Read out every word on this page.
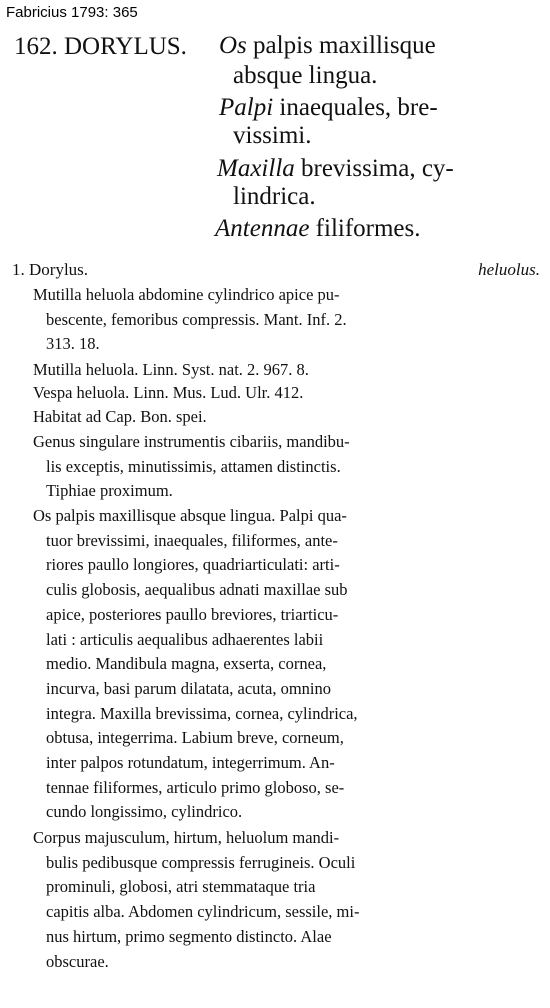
Fabricius 1793: 365
162. DORYLUS. Os palpis maxillisque
absque lingua.
Palpi inaequales, bre-
vissimi.
Maxilla brevissima, cy-
lindrica.
Antennae filiformes.
1. Dorylus.	heluolus.
Mutilla heluola abdomine cylindrico apice pu-
bescente, femoribus compressis. Mant. Inf. 2.
313. 18.
Mutilla heluola. Linn. Syst. nat. 2. 967. 8.
Vespa heluola. Linn. Mus. Lud. Ulr. 412.
Habitat ad Cap. Bon. spei.
Genus singulare instrumentis cibariis, mandibu-
lis exceptis, minutissimis, attamen distinctis.
Tiphiae proximum.
Os palpis maxillisque absque lingua. Palpi qua-
tuor brevissimi, inaequales, filiformes, ante-
riores paullo longiores, quadriarticulati: arti-
culis globosis, aequalibus adnati maxillae sub
apice, posteriores paullo breviores, triarticu-
lati : articulis aequalibus adhaerentes labii
medio. Mandibula magna, exserta, cornea,
incurva, basi parum dilatata, acuta, omnino
integra. Maxilla brevissima, cornea, cylindrica,
obtusa, integerrima. Labium breve, corneum,
inter palpos rotundatum, integerrimum. An-
tennae filiformes, articulo primo globoso, se-
cundo longissimo, cylindrico.
Corpus majusculum, hirtum, heluolum mandi-
bulis pedibusque compressis ferrugineis. Oculi
prominuli, globosi, atri stemmataque tria
capitis alba. Abdomen cylindricum, sessile, mi-
nus hirtum, primo segmento distincto. Alae
obscurae.
